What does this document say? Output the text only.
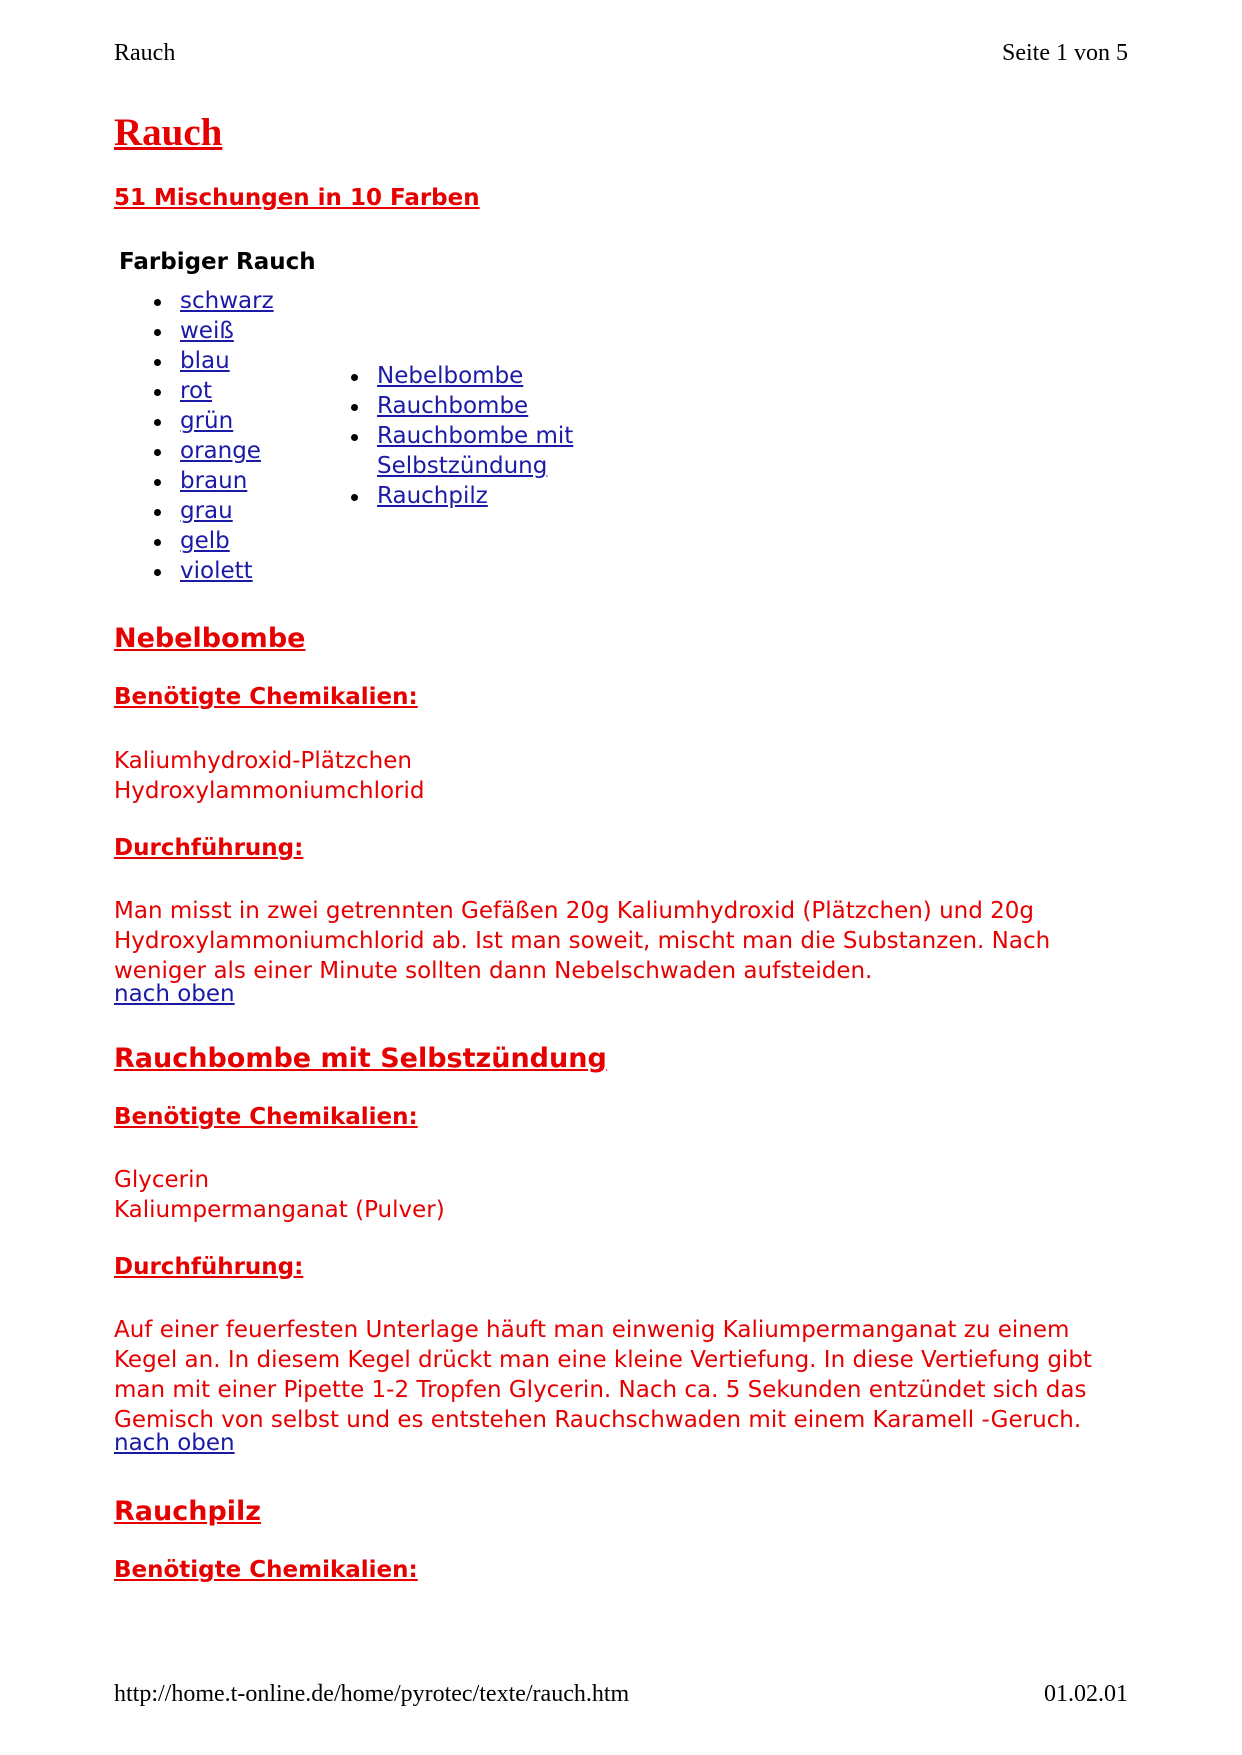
Rauch	Seite 1 von 5
Rauch
51 Mischungen in 10 Farben
Farbiger Rauch
schwarz
weiß
blau
rot
grün
orange
braun
grau
gelb
violett
Nebelbombe
Rauchbombe
Rauchbombe mit Selbstzündung
Rauchpilz
Nebelbombe
Benötigte Chemikalien:
Kaliumhydroxid-Plätzchen
Hydroxylammoniumchlorid
Durchführung:
Man misst in zwei getrennten Gefäßen 20g Kaliumhydroxid (Plätzchen) und 20g Hydroxylammoniumchlorid ab. Ist man soweit, mischt man die Substanzen. Nach weniger als einer Minute sollten dann Nebelschwaden aufsteiden.
nach oben
Rauchbombe mit Selbstzündung
Benötigte Chemikalien:
Glycerin
Kaliumpermanganat (Pulver)
Durchführung:
Auf einer feuerfesten Unterlage häuft man einwenig Kaliumpermanganat zu einem Kegel an. In diesem Kegel drückt man eine kleine Vertiefung. In diese Vertiefung gibt man mit einer Pipette 1-2 Tropfen Glycerin. Nach ca. 5 Sekunden entzündet sich das Gemisch von selbst und es entstehen Rauchschwaden mit einem Karamell -Geruch.
nach oben
Rauchpilz
Benötigte Chemikalien:
http://home.t-online.de/home/pyrotec/texte/rauch.htm	01.02.01
